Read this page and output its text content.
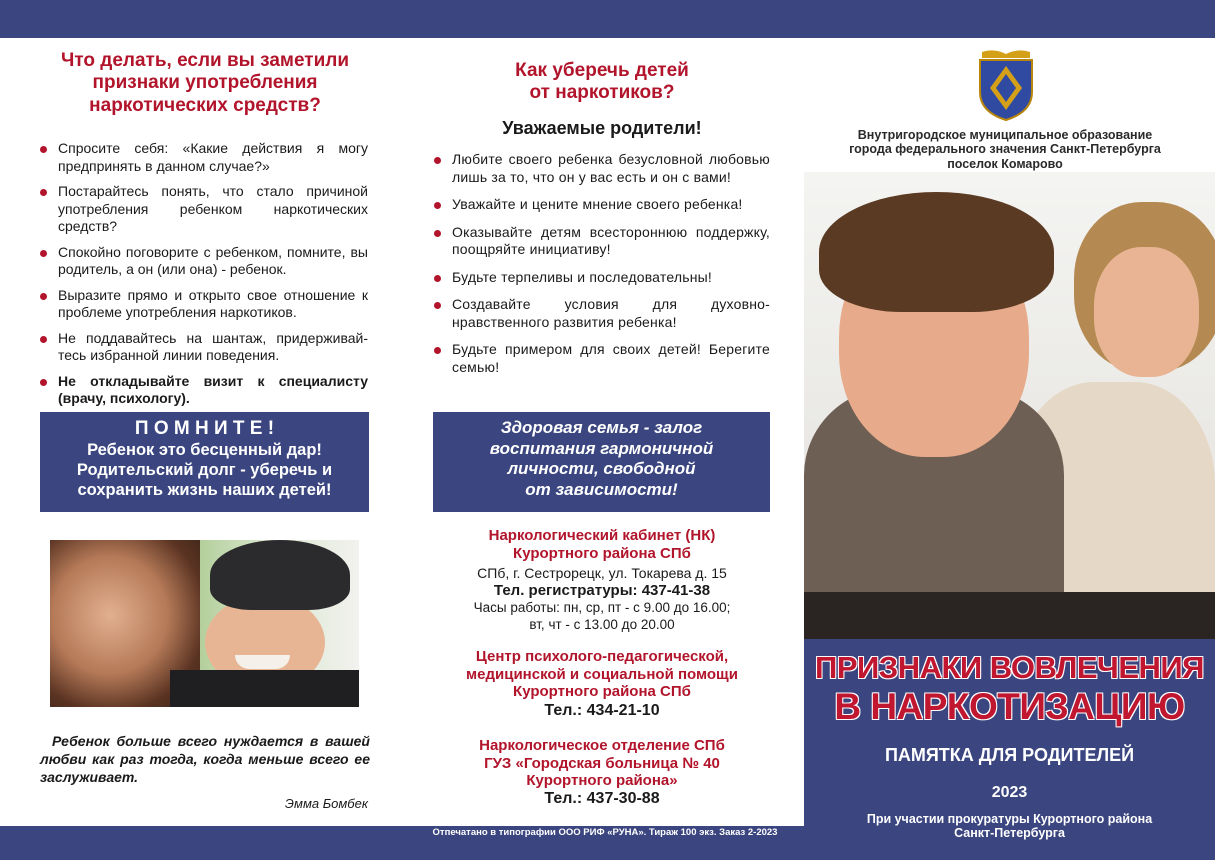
Что делать, если вы заметили
признаки употребления
наркотических средств?
Спросите себя: «Какие действия я могу предпринять в данном случае?»
Постарайтесь понять, что стало причиной употребления ребенком наркотических средств?
Спокойно поговорите с ребенком, помните, вы родитель, а он (или она) - ребенок.
Выразите прямо и открыто свое отношение к проблеме употребления наркотиков.
Не поддавайтесь на шантаж, придерживай-тесь избранной линии поведения.
Не откладывайте визит к специалисту (врачу, психологу).
П О М Н И Т Е !
Ребенок это бесценный дар!
Родительский долг - уберечь и
сохранить жизнь наших детей!
Ребенок больше всего нуждается в вашей любви как раз тогда, когда меньше всего ее заслуживает.
Эмма Бомбек
Как уберечь детей
от наркотиков?
Уважаемые родители!
Любите своего ребенка безусловной любовью лишь за то, что он у вас есть и он с вами!
Уважайте и цените мнение своего ребенка!
Оказывайте детям всестороннюю поддержку, поощряйте инициативу!
Будьте терпеливы и последовательны!
Создавайте условия для духовно-нравственного развития ребенка!
Будьте примером для своих детей! Берегите семью!
Здоровая семья - залог
воспитания гармоничной
личности, свободной
от зависимости!
Наркологический кабинет (НК)
Курортного района СПб
СПб, г. Сестрорецк, ул. Токарева д. 15
Тел. регистратуры: 437-41-38
Часы работы: пн, ср, пт - с 9.00 до 16.00;
вт, чт - с 13.00 до 20.00
Центр психолого-педагогической,
медицинской и социальной помощи
Курортного района СПб
Тел.: 434-21-10
Наркологическое отделение СПб
ГУЗ «Городская больница № 40
Курортного района»
Тел.: 437-30-88
Внутригородское муниципальное образование
города федерального значения Санкт-Петербурга
поселок Комарово
ПРИЗНАКИ ВОВЛЕЧЕНИЯ
В НАРКОТИЗАЦИЮ
ПАМЯТКА ДЛЯ РОДИТЕЛЕЙ
2023
При участии прокуратуры Курортного района
Санкт-Петербурга
Отпечатано в типографии ООО РИФ «РУНА». Тираж 100 экз. Заказ 2-2023
